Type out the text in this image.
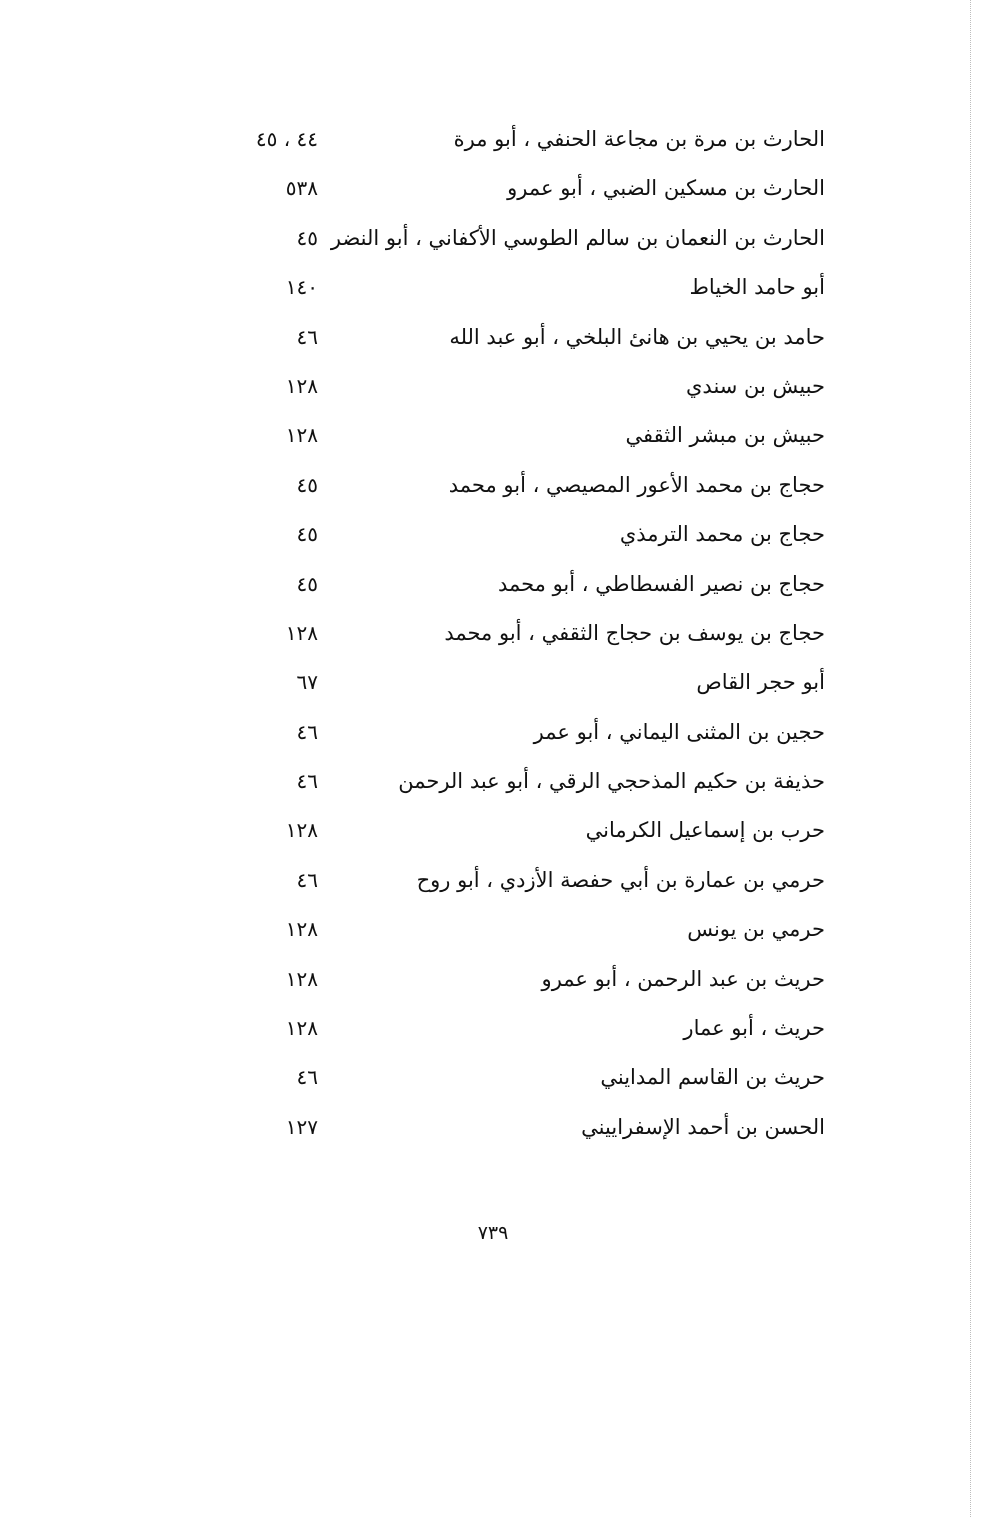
الحارث بن مرة بن مجاعة الحنفي ، أبو مرة
٤٤ ، ٤٥
الحارث بن مسكين الضبي ، أبو عمرو
٥٣٨
الحارث بن النعمان بن سالم الطوسي الأكفاني ، أبو النضر
٤٥
أبو حامد الخياط
١٤٠
حامد بن يحيي بن هانئ البلخي ، أبو عبد الله
٤٦
حبيش بن سندي
١٢٨
حبيش بن مبشر الثقفي
١٢٨
حجاج بن محمد الأعور المصيصي ، أبو محمد
٤٥
حجاج بن محمد الترمذي
٤٥
حجاج بن نصير الفسطاطي ، أبو محمد
٤٥
حجاج بن يوسف بن حجاج الثقفي ، أبو محمد
١٢٨
أبو حجر القاص
٦٧
حجين بن المثنى اليماني ، أبو عمر
٤٦
حذيفة بن حكيم المذحجي الرقي ، أبو عبد الرحمن
٤٦
حرب بن إسماعيل الكرماني
١٢٨
حرمي بن عمارة بن أبي حفصة الأزدي ، أبو روح
٤٦
حرمي بن يونس
١٢٨
حريث بن عبد الرحمن ، أبو عمرو
١٢٨
حريث ، أبو عمار
١٢٨
حريث بن القاسم المدايني
٤٦
الحسن بن أحمد الإسفراييني
١٢٧
٧٣٩
